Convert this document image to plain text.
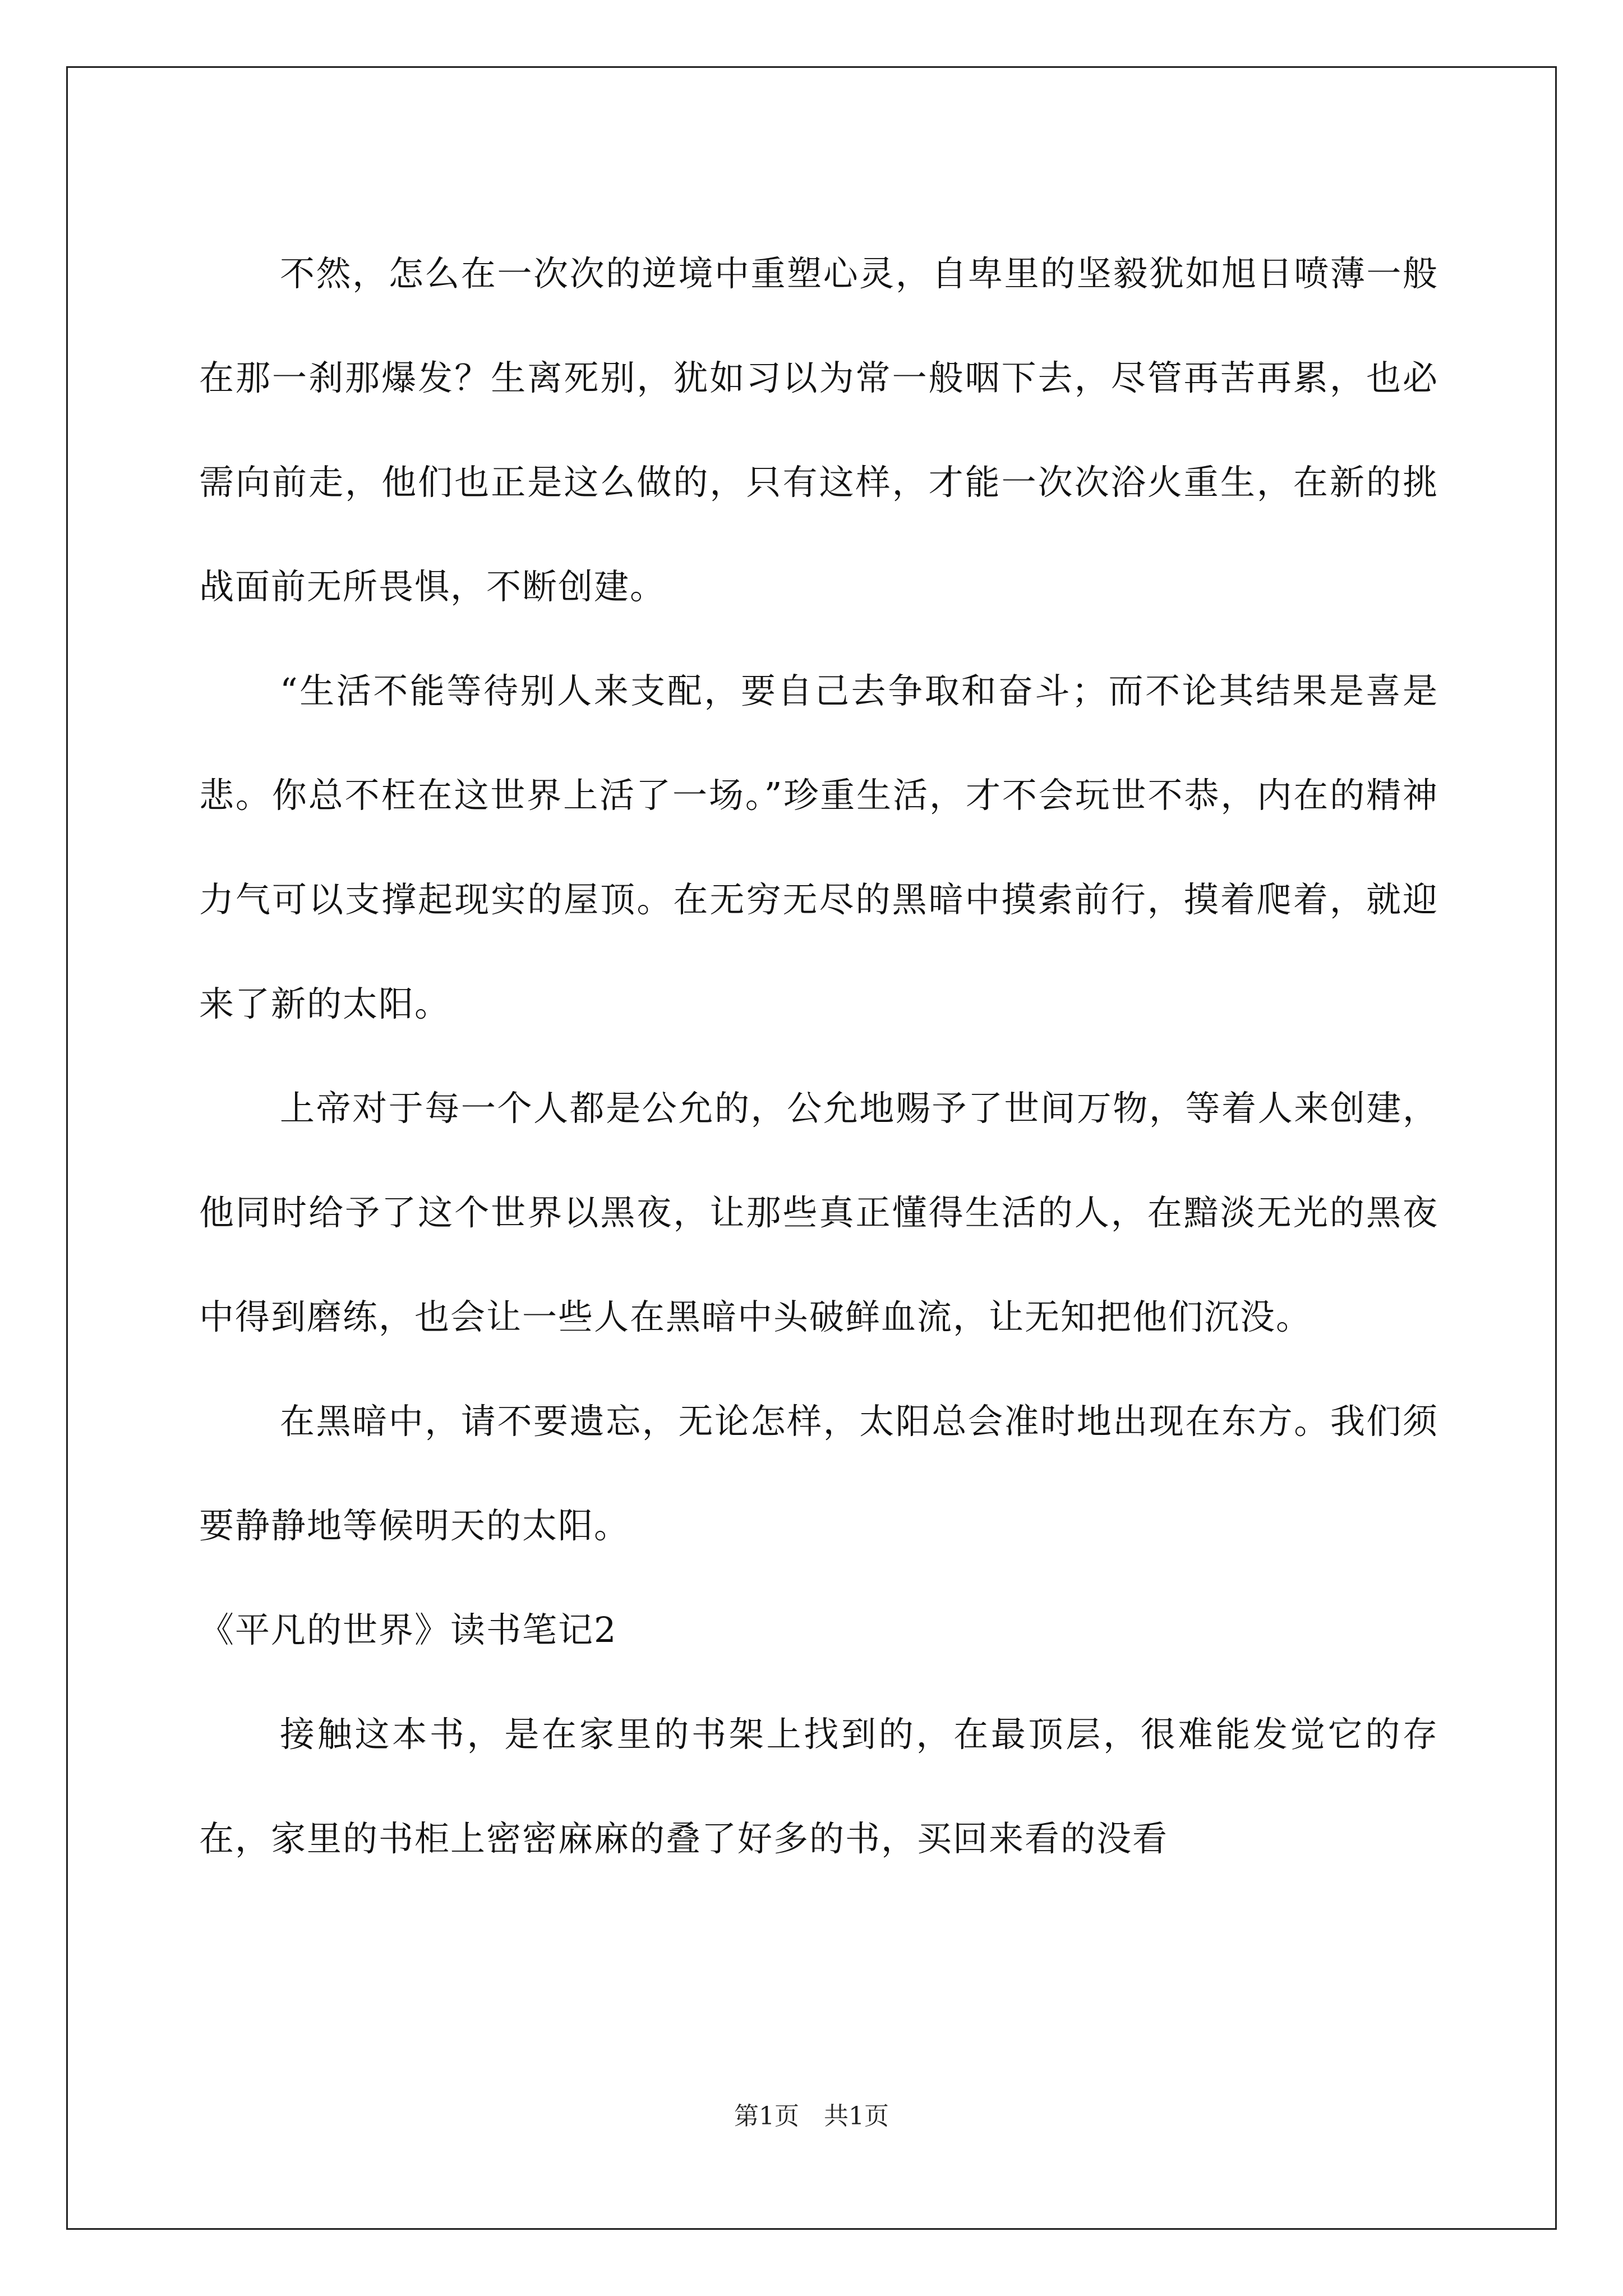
不然，怎么在一次次的逆境中重塑心灵，自卑里的坚毅犹如旭日喷薄一般在那一刹那爆发？生离死别，犹如习以为常一般咽下去，尽管再苦再累，也必需向前走，他们也正是这么做的，只有这样，才能一次次浴火重生，在新的挑战面前无所畏惧，不断创建。

“生活不能等待别人来支配，要自己去争取和奋斗；而不论其结果是喜是悲。你总不枉在这世界上活了一场。”珍重生活，才不会玩世不恭，内在的精神力气可以支撑起现实的屋顶。在无穷无尽的黑暗中摸索前行，摸着爬着，就迎来了新的太阳。

上帝对于每一个人都是公允的，公允地赐予了世间万物，等着人来创建，他同时给予了这个世界以黑夜，让那些真正懂得生活的人，在黯淡无光的黑夜中得到磨练，也会让一些人在黑暗中头破鲜血流，让无知把他们沉没。

在黑暗中，请不要遗忘，无论怎样，太阳总会准时地出现在东方。我们须要静静地等候明天的太阳。

《平凡的世界》读书笔记2

接触这本书，是在家里的书架上找到的，在最顶层，很难能发觉它的存在，家里的书柜上密密麻麻的叠了好多的书，买回来看的没看

第1页　共1页
